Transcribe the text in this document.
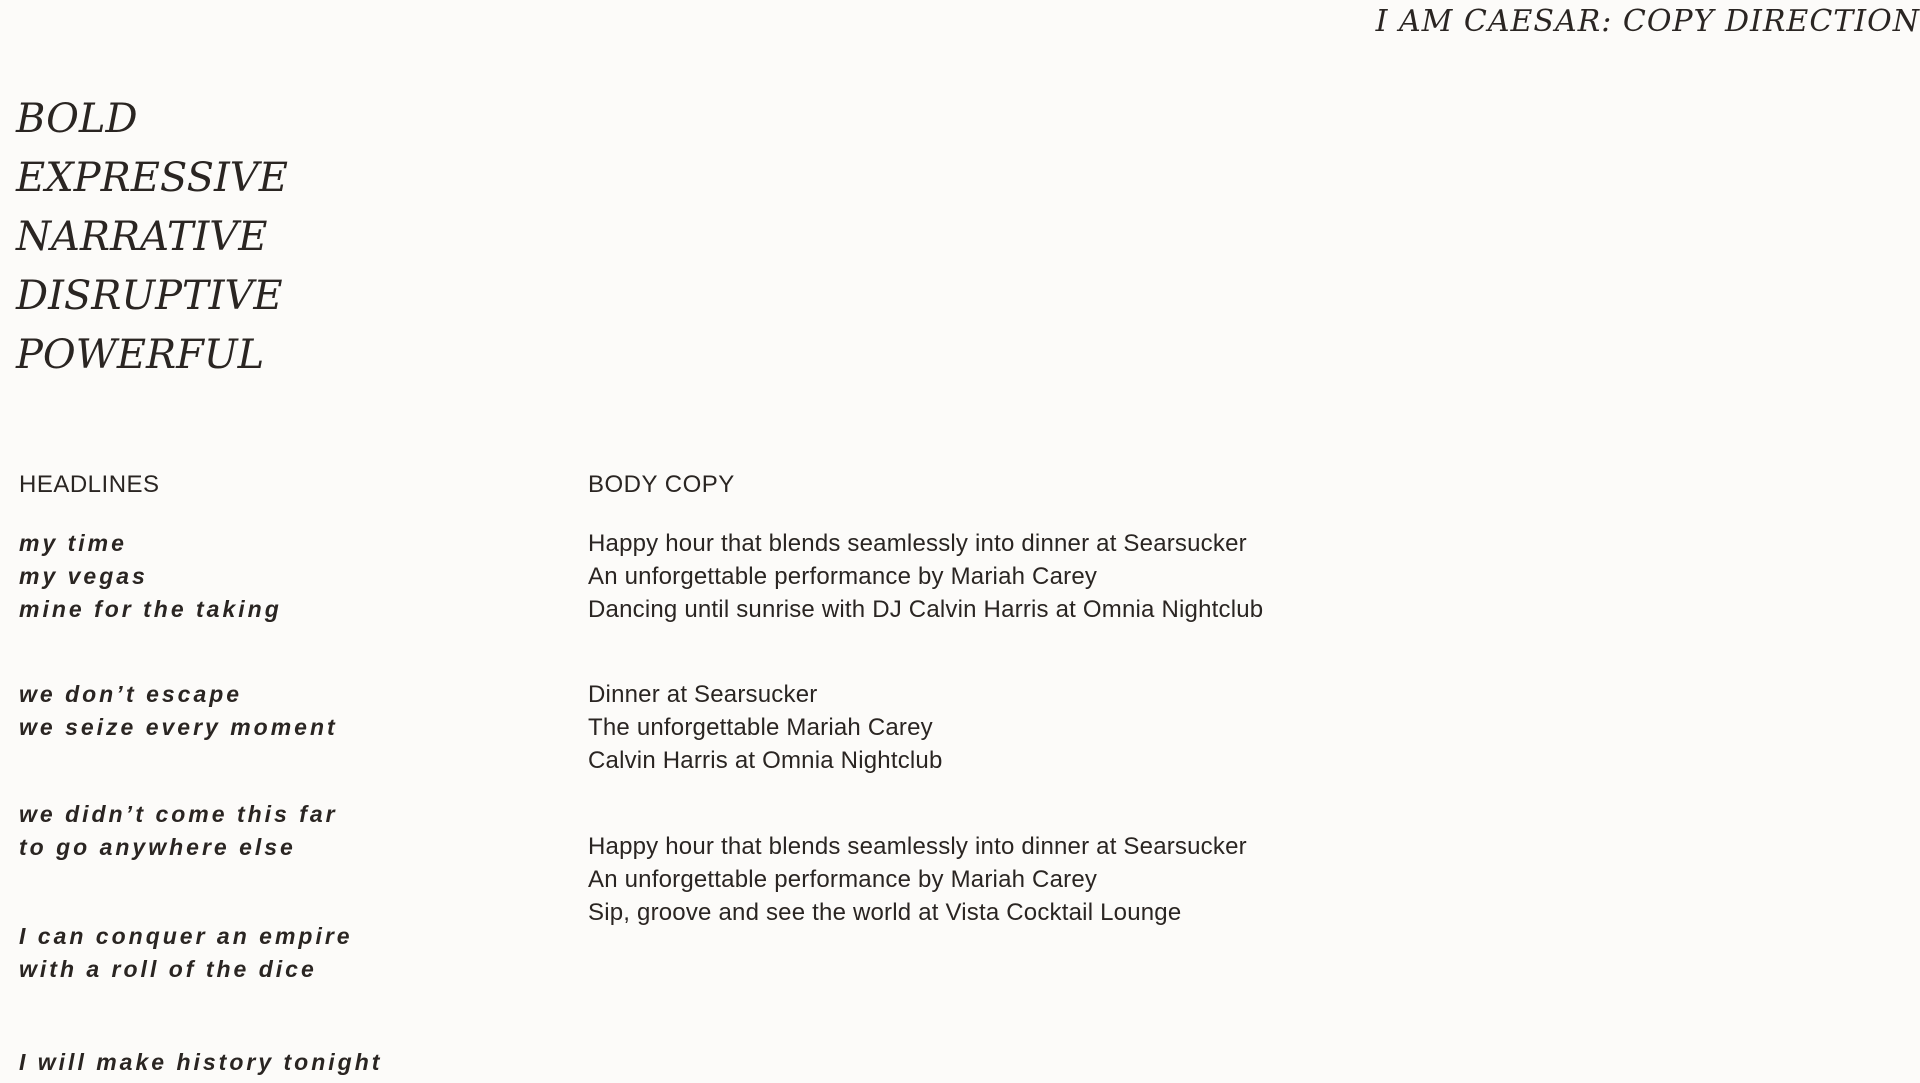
I AM CAESAR: COPY DIRECTION
BOLD
EXPRESSIVE
NARRATIVE
DISRUPTIVE
POWERFUL
HEADLINES	BODY COPY
my time
my vegas
mine for the taking
we don’t escape
we seize every moment
we didn’t come this far
to go anywhere else
I can conquer an empire
with a roll of the dice
I will make history tonight
Happy hour that blends seamlessly into dinner at Searsucker
An unforgettable performance by Mariah Carey
Dancing until sunrise with DJ Calvin Harris at Omnia Nightclub
Dinner at Searsucker
The unforgettable Mariah Carey
Calvin Harris at Omnia Nightclub
Happy hour that blends seamlessly into dinner at Searsucker
An unforgettable performance by Mariah Carey
Sip, groove and see the world at Vista Cocktail Lounge
